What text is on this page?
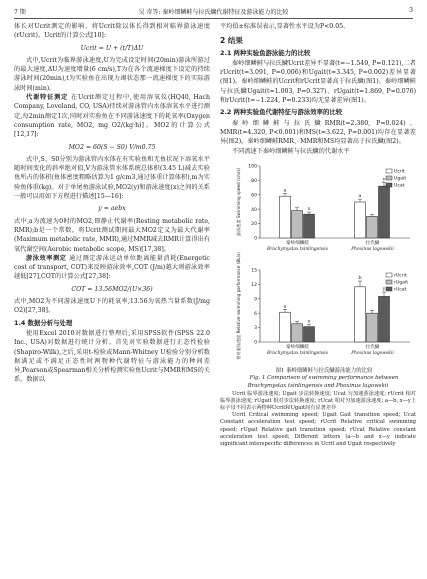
7 期	吴 奇等: 秦岭细鳞鲑与拉氏鱥代谢特征及游泳能力的比较	3

体长对Ucrit测定的影响，将Ucrit除以体长得到相对临界游泳速度(rUcrit)。Ucrit的计算公式[10]:

Ucrit = U + (t/T)ΔU

式中,Ucrit为临界游泳速度,U为完成设定时间(20min)游泳所游过的最大速度,ΔU为速度增量(6 cm/s),T为在各个流速梯度下设定的持续游泳时间(20min),t为实验鱼在出现力竭状态那一流速梯度下的实际游泳时间(min)。

代谢特征测定 在Ucrit测定过程中,使用溶氧仪(HQ40, Hach Company, Loveland, CO, USA)持续对游泳管内水体溶氧水平进行测定,每2min测定1次,同时对实验鱼在不同游泳速度下的耗氧率(Oxygen consumption rate, MO2, mg O2/(kg·h)]。MO2的计算公式[12,17]:

MO2 = 60(S − S0) V/m0.75

式中,S、S0分别为游泳管内水体在有实验鱼和无鱼状况下溶氧水平随时间变化的斜率绝对值,V为游泳管水体系统总体积(3.45 L)减去实验鱼所占的体积(鱼体密度粗略估算为1 g/cm3,通过体重计算体积),m为实验鱼体重(kg)。对于单尾鱼游泳试验,MO2(y)和游泳速度(x)之间的关系一般可以用如下方程进行描述[15―16]:

y = aebx

式中,a为流速为0时的MO2,即静止代谢率(Resting metabolic rate, RMR);b是一个常数。将Ucrit测试期间最大MO2定义为最大代谢率(Maximum metabolic rate, MMR),通过MMR减去RMR计算得出有氧代谢空间(Aerobic metabolic scope, MS)[17,38]。

游泳效率测定 通过测定游泳运动单位距离能量消耗(Energetic cost of transport, COT)来反映游泳效率,COT (J/m)越大则游泳效率越低[27],COT的计算公式[27,38]:

COT = 13.56MO2/(U×36)

式中,MO2为不同游泳速度U下的耗氧率,13.56为氧热当量系数(J/mg O2)[27,38]。

1.4 数据分析与处理

使用Excel 2010对数据进行整理后,采用SPSS软件(SPSS 22.0 Inc., USA)对数据进行统计分析。首先对实验数据进行正态性检验(Shapiro-Wilk),之后,采用t-检验或Mann-Whitney U检验分别分析数据满足或不满足正态性时两物种代谢特征与游泳能力的种间差异,Pearson或Spearman相关分析检测实验鱼Ucrit与MMR和MS的关系。数据以

平均值±标准误表示,显著性水平设为P<0.05。

2 结果
2.1 两种实验鱼游泳能力的比较

秦岭细鳞鲑与拉氏鱥Ucrit差异不显著(t=−1.549, P=0.121),二者rUcrit(t=3.091, P=0.006)和Ugait(t=3.345, P=0.002)差异显著(图1)。秦岭细鳞鲑的Ucrit和rUcrit显著高于拉氏鱥(图1)。秦岭细鳞鲑与拉氏鱥Ugait(t=1.003, P=0.327)、rUgait(t=1.869, P=0.076)和rUcrit(t=−1.224, P=0.233)均无显著差异(图1)。

2.2 两种实验鱼代谢特征与游泳效率的比较

秦岭细鳞鲑与拉氏鱥RMR(t=2.380, P=0.024)、MMR(t=4.320, P<0.001)和MS(t=3.622, P=0.001)均存在显著差异(图2)。秦岭细鳞鲑RMR、MMR和MS均显著高于拉氏鱥(图2)。

不同流速下秦岭细鳞鲑与拉氏鱥的代谢水平

0
20
40
60
80
100
游泳速度 Swimming speed (cm/s)	a
x
秦岭细鳞鲑
Brachymystax tsinlingensis
a
y
拉氏鱥
Phoxinus lagowskii
Ucrit
Ugait
Ucat
0
3
6
9
12
15
相对游泳速度 Relative swimming performance (BL/s)	a
x
秦岭细鳞鲑
Brachymystax tsinlingensis
b
y
拉氏鱥
Phoxinus lagowskii
rUcrit
rUgait
rUcat

图1 秦岭细鳞鲑与拉氏鱥游泳能力的比较

Fig. 1 Comparison of swimming performance between Brachymystax tsinlingensis and Phoxinus lagowskii

Ucrit 临界游泳速度; Ugait 步法转换速度; Ucat 匀加速游泳速度; rUcrit 相对临界游泳速度; rUgait 相对步法转换速度; rUcat 相对匀加速游泳速度; a—b, x—y上标字母不同表示两物种Ucrit和Ugait间有显著差异

Ucrit Critical swimming speed; Ugait Gait transition speed; Ucat Constant acceleration test speed; rUcrit Relative critical swimming speed; rUgait Relative gait transition speed; rUcat Relative constant acceleration test speed; Different letters (a—b and x—y indicate significant interspecific differences in Ucrit and Ugait respectively
